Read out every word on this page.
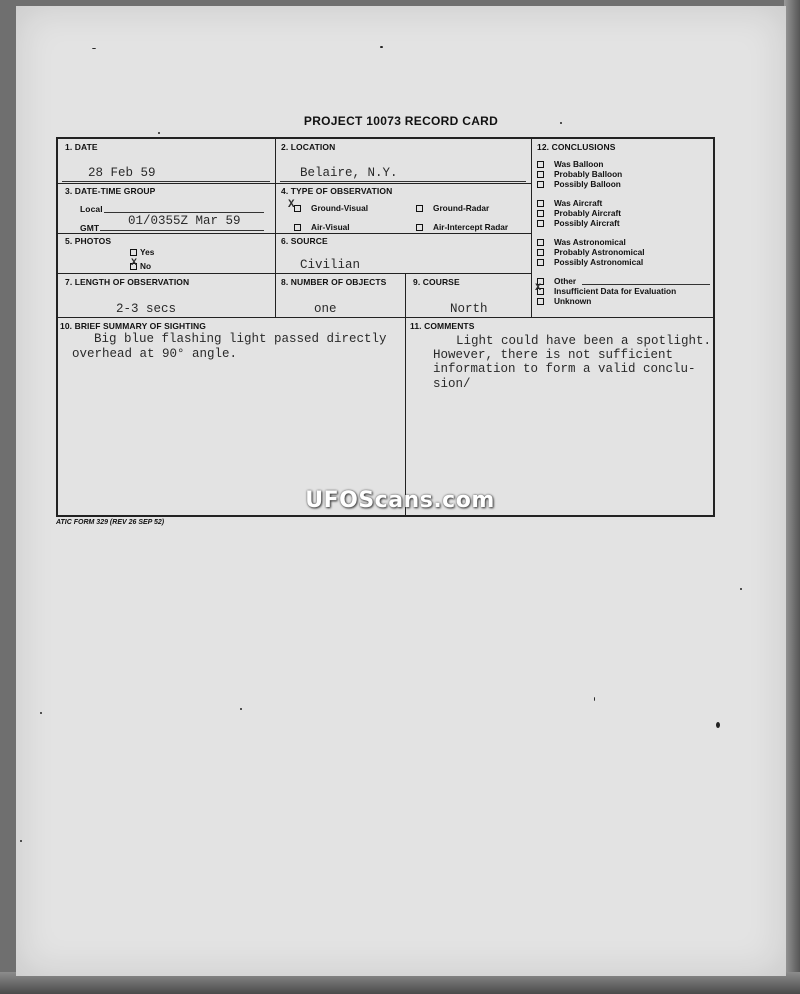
PROJECT 10073 RECORD CARD
1. DATE
28 Feb 59
2. LOCATION
Belaire, N.Y.
3. DATE-TIME GROUP
Local
GMT 01/0355Z Mar 59
4. TYPE OF OBSERVATION
Ground-Visual	Ground-Radar
Air-Visual	Air-Intercept Radar
X
5. PHOTOS
Yes
No
X
6. SOURCE
Civilian
7. LENGTH OF OBSERVATION
2-3 secs
8. NUMBER OF OBJECTS
one
9. COURSE
North
10. BRIEF SUMMARY OF SIGHTING
Big blue flashing light passed directly
overhead at 90° angle.
11. COMMENTS
Light could have been a spotlight.
However, there is not sufficient
information to form a valid conclu-
sion/
12. CONCLUSIONS
Was Balloon
Probably Balloon
Possibly Balloon
Was Aircraft
Probably Aircraft
Possibly Aircraft
Was Astronomical
Probably Astronomical
Possibly Astronomical
Other
Insufficient Data for Evaluation
X
Unknown
ATIC FORM 329 (REV 26 SEP 52)
UFOScans.com
